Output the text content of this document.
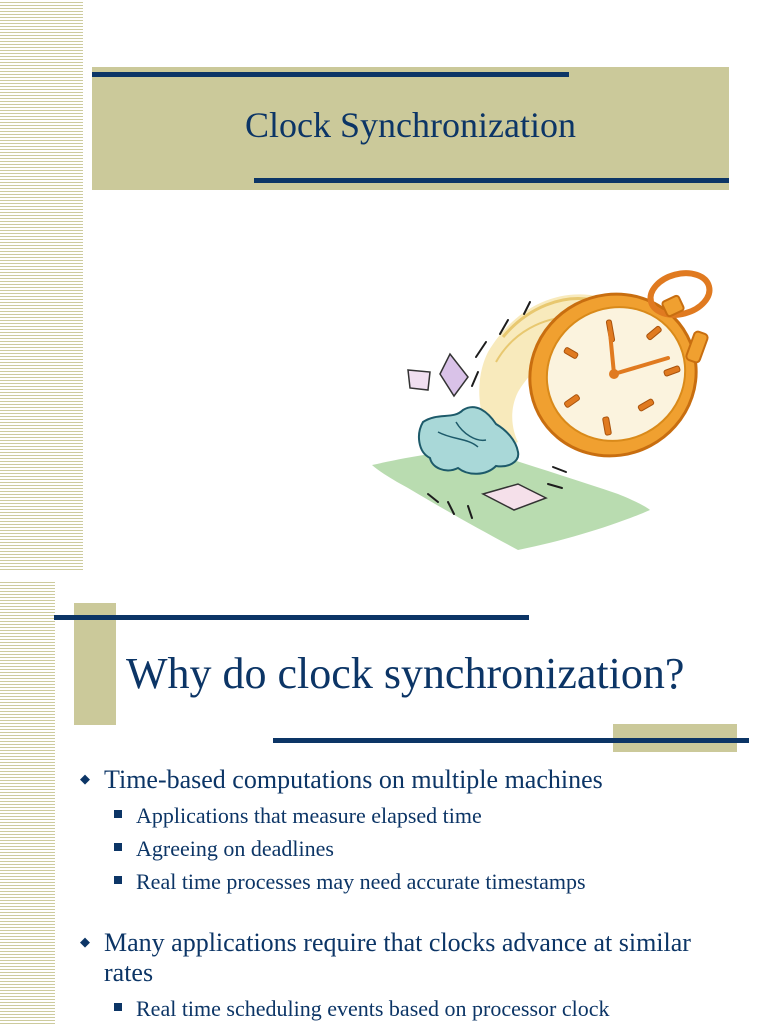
Clock Synchronization
Why do clock synchronization?
◆ Time-based computations on multiple machines
Applications that measure elapsed time
Agreeing on deadlines
Real time processes may need accurate timestamps
◆ Many applications require that clocks advance at similar rates
Real time scheduling events based on processor clock
